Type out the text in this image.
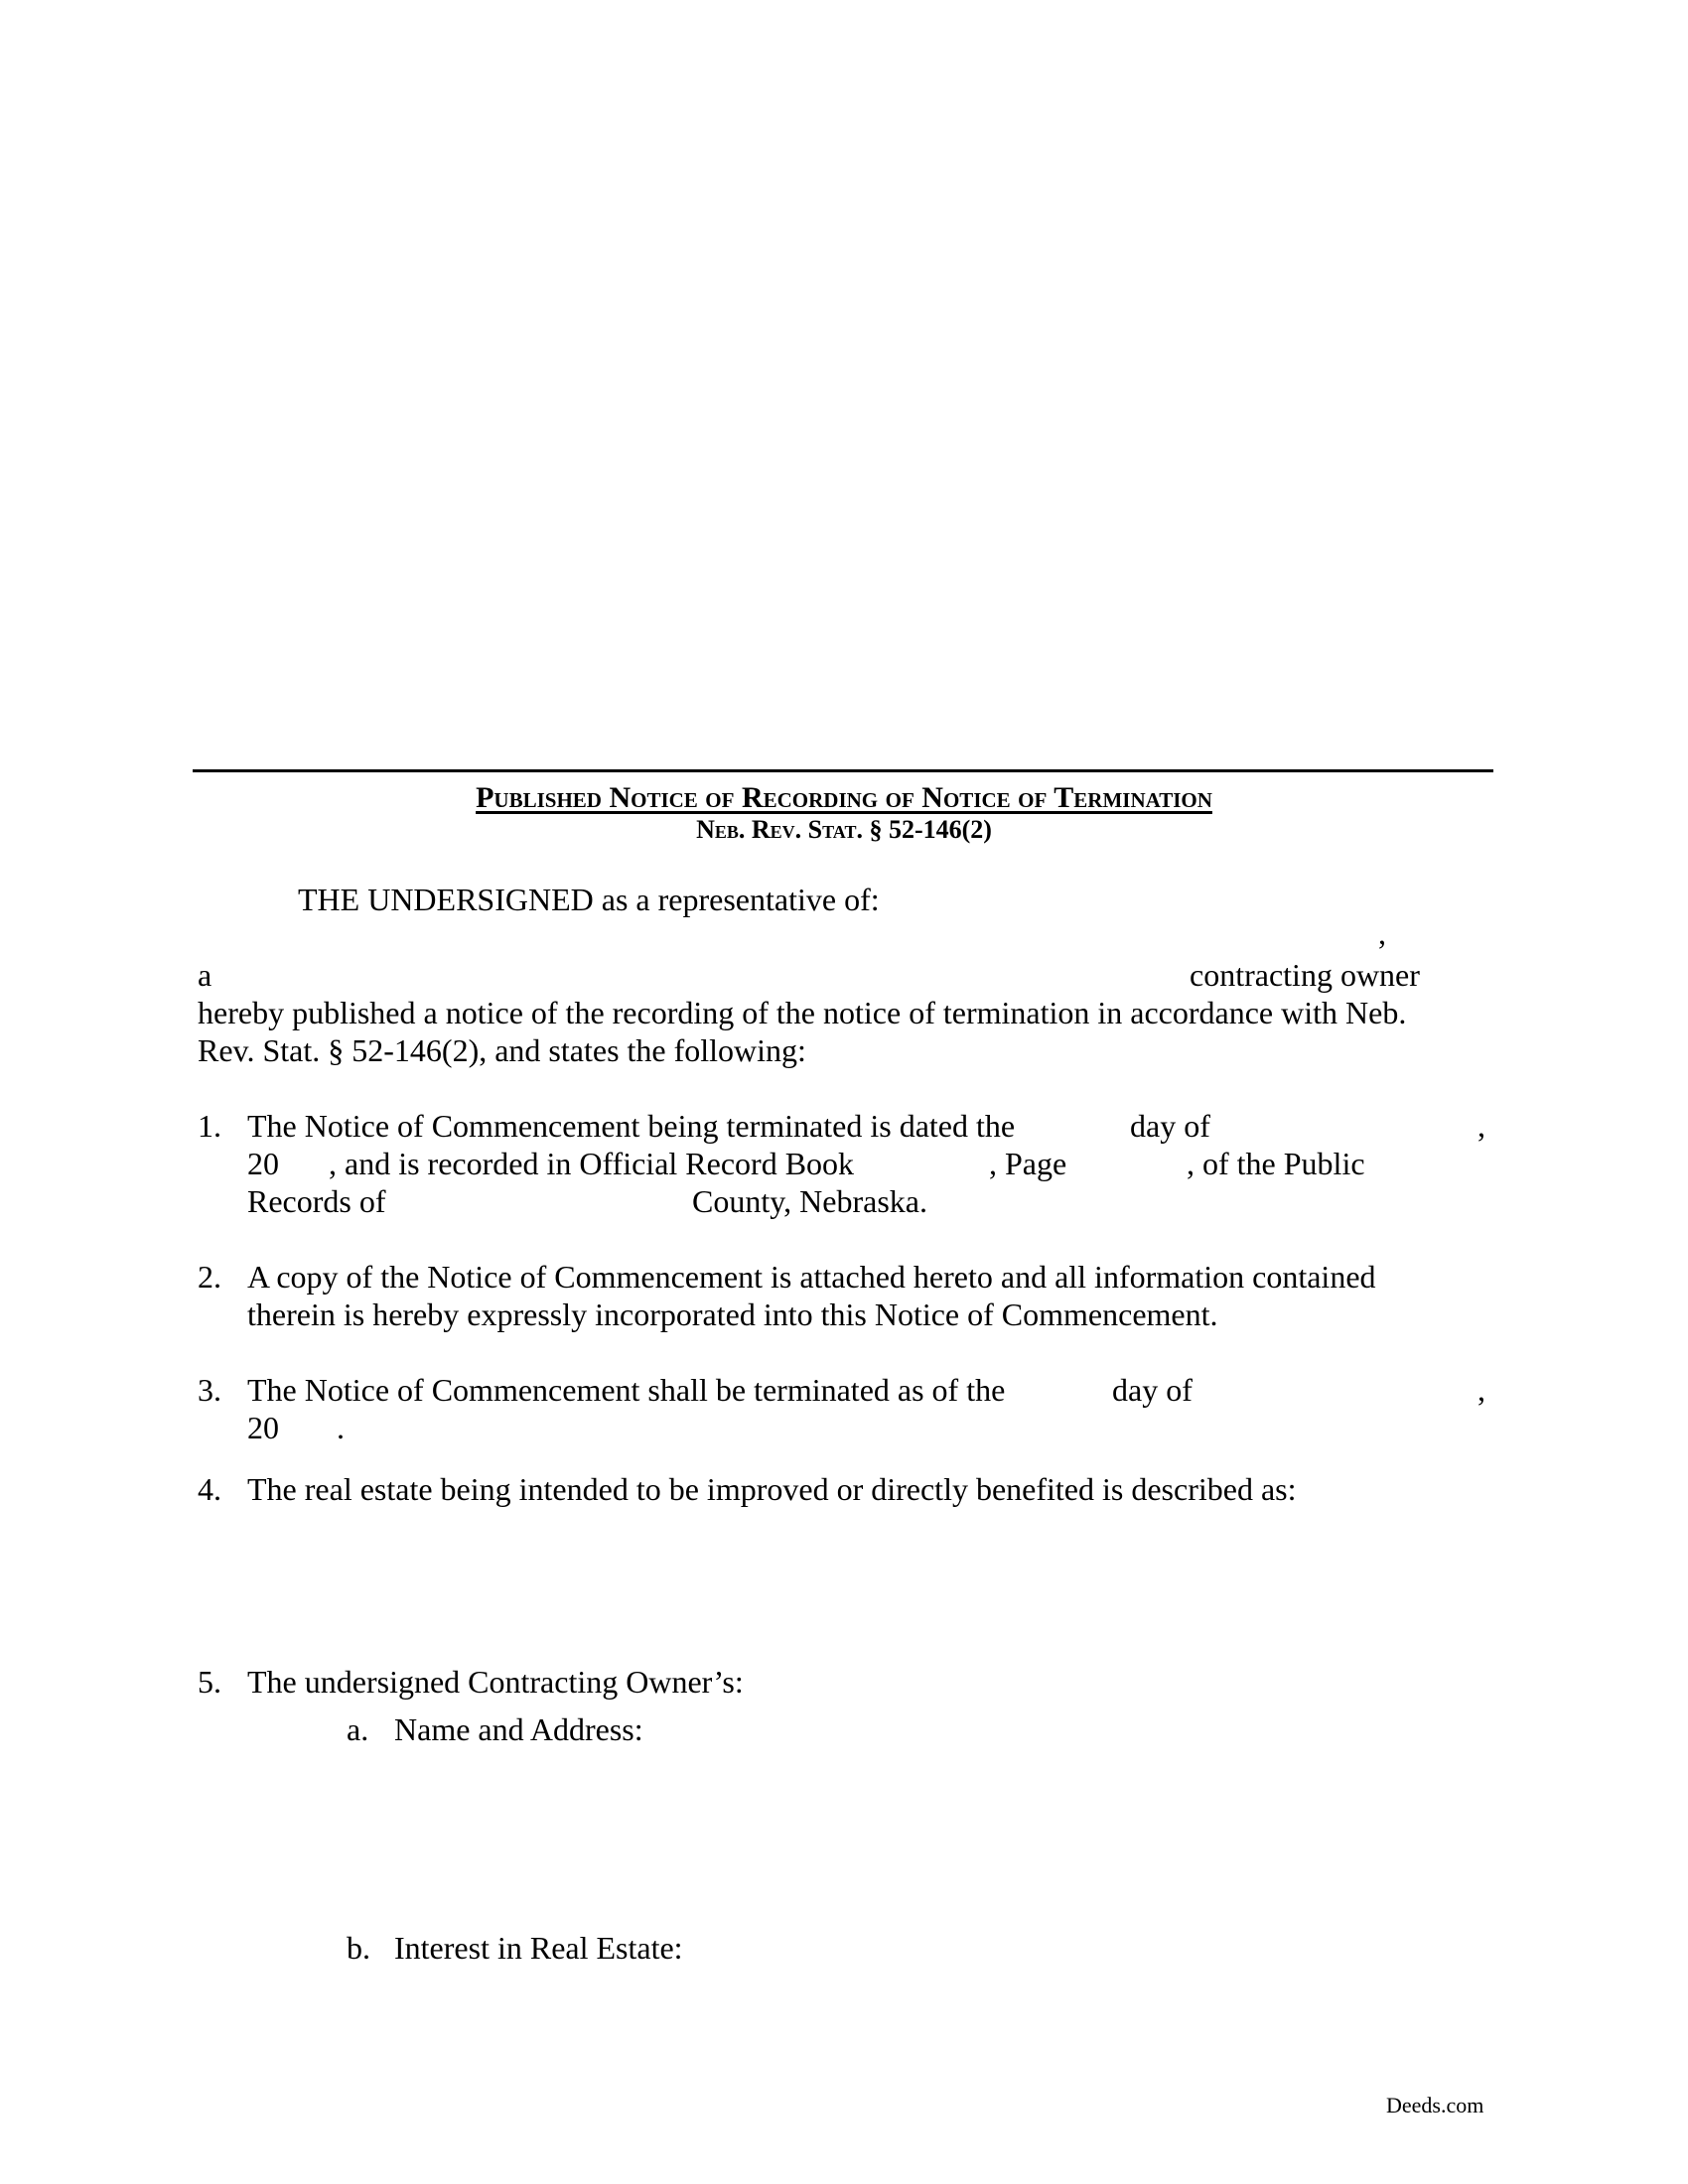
Published Notice of Recording of Notice of Termination
Neb. Rev. Stat. § 52-146(2)
THE UNDERSIGNED as a representative of:
,
a	contracting owner
hereby published a notice of the recording of the notice of termination in accordance with Neb.
Rev. Stat. § 52-146(2), and states the following:
1. The Notice of Commencement being terminated is dated the	day of	,
20 , and is recorded in Official Record Book	, Page	, of the Public
Records of	County, Nebraska.
2. A copy of the Notice of Commencement is attached hereto and all information contained
therein is hereby expressly incorporated into this Notice of Commencement.
3. The Notice of Commencement shall be terminated as of the	day of	,
20 .
4. The real estate being intended to be improved or directly benefited is described as:
5. The undersigned Contracting Owner’s:
a. Name and Address:
b. Interest in Real Estate:
Deeds.com
